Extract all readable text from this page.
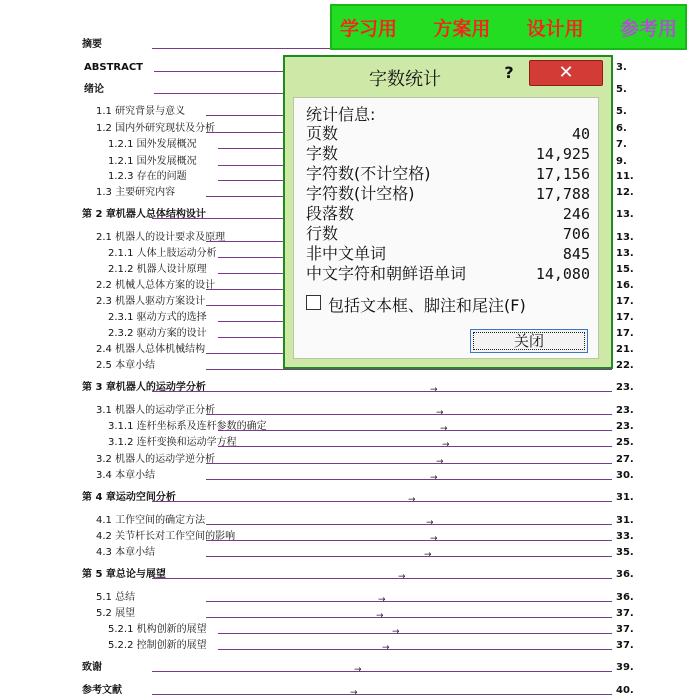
摘要
ABSTRACT	3.
绪论	5.
1.1 研究背景与意义	5.
1.2 国内外研究现状及分析	6.
1.2.1 国外发展概况	7.
1.2.1 国外发展概况	9.
1.2.3 存在的问题	11.
1.3 主要研究内容	12.
第 2 章机器人总体结构设计	13.
2.1 机器人的设计要求及原理	13.
2.1.1 人体上肢运动分析	13.
2.1.2 机器人设计原理	15.
2.2 机械人总体方案的设计	16.
2.3 机器人驱动方案设计	17.
2.3.1 驱动方式的选择	17.
2.3.2 驱动方案的设计	17.
2.4 机器人总体机械结构	21.
2.5 本章小结	22.
第 3 章机器人的运动学分析	→	23.
3.1 机器人的运动学正分析	→	23.
3.1.1 连杆坐标系及连杆参数的确定	→	23.
3.1.2 连杆变换和运动学方程	→	25.
3.2 机器人的运动学逆分析	→	27.
3.4 本章小结	→	30.
第 4 章运动空间分析	→	31.
4.1 工作空间的确定方法	→	31.
4.2 关节杆长对工作空间的影响	→	33.
4.3 本章小结	→	35.
第 5 章总论与展望	→	36.
5.1 总结	→	36.
5.2 展望	→	37.
5.2.1 机构创新的展望	→	37.
5.2.2 控制创新的展望	→	37.
致谢	→	39.
参考文献	→	40.
学习用 方案用 设计用 参考用
字数统计	?	✕
统计信息:
页数	40
字数	14,925
字符数(不计空格)	17,156
字符数(计空格)	17,788
段落数	246
行数	706
非中文单词	845
中文字符和朝鲜语单词	14,080
包括文本框、脚注和尾注(F)
关闭
